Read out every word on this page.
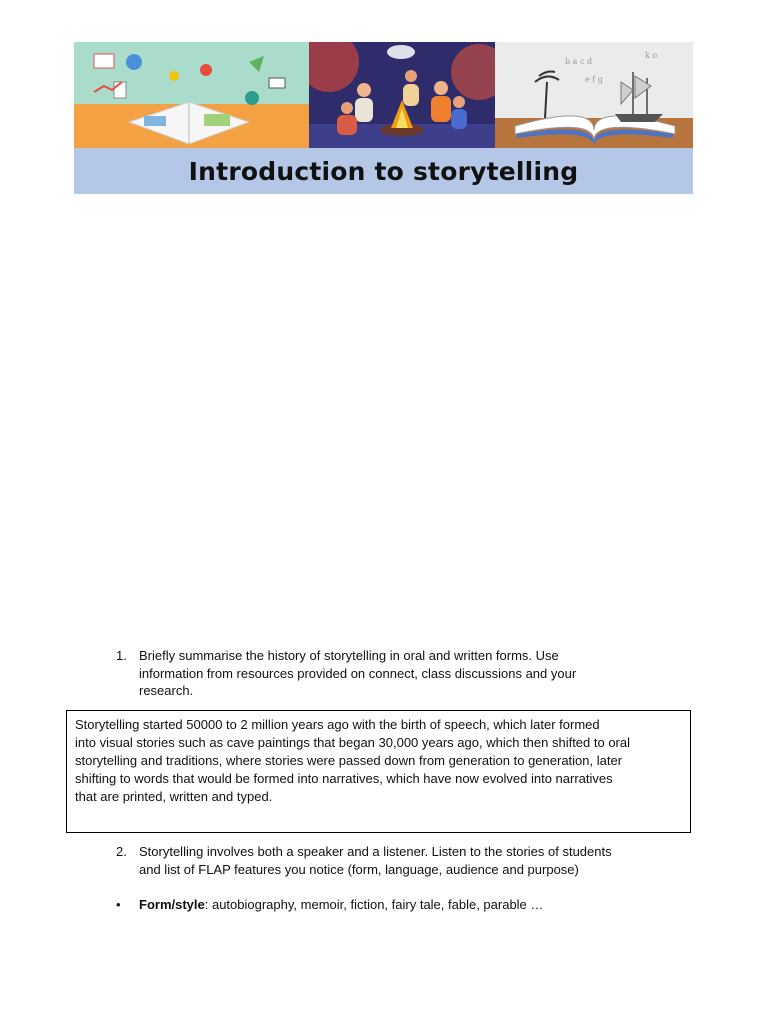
b a c d
e f g
k o
Introduction to storytelling
1. Briefly summarise the history of storytelling in oral and written forms. Use
information from resources provided on connect, class discussions and your
research.
Storytelling started 50000 to 2 million years ago with the birth of speech, which later formed
into visual stories such as cave paintings that began 30,000 years ago, which then shifted to oral
storytelling and traditions, where stories were passed down from generation to generation, later
shifting to words that would be formed into narratives, which have now evolved into narratives
that are printed, written and typed.
2. Storytelling involves both a speaker and a listener. Listen to the stories of students
and list of FLAP features you notice (form, language, audience and purpose)
• Form/style: autobiography, memoir, fiction, fairy tale, fable, parable …
